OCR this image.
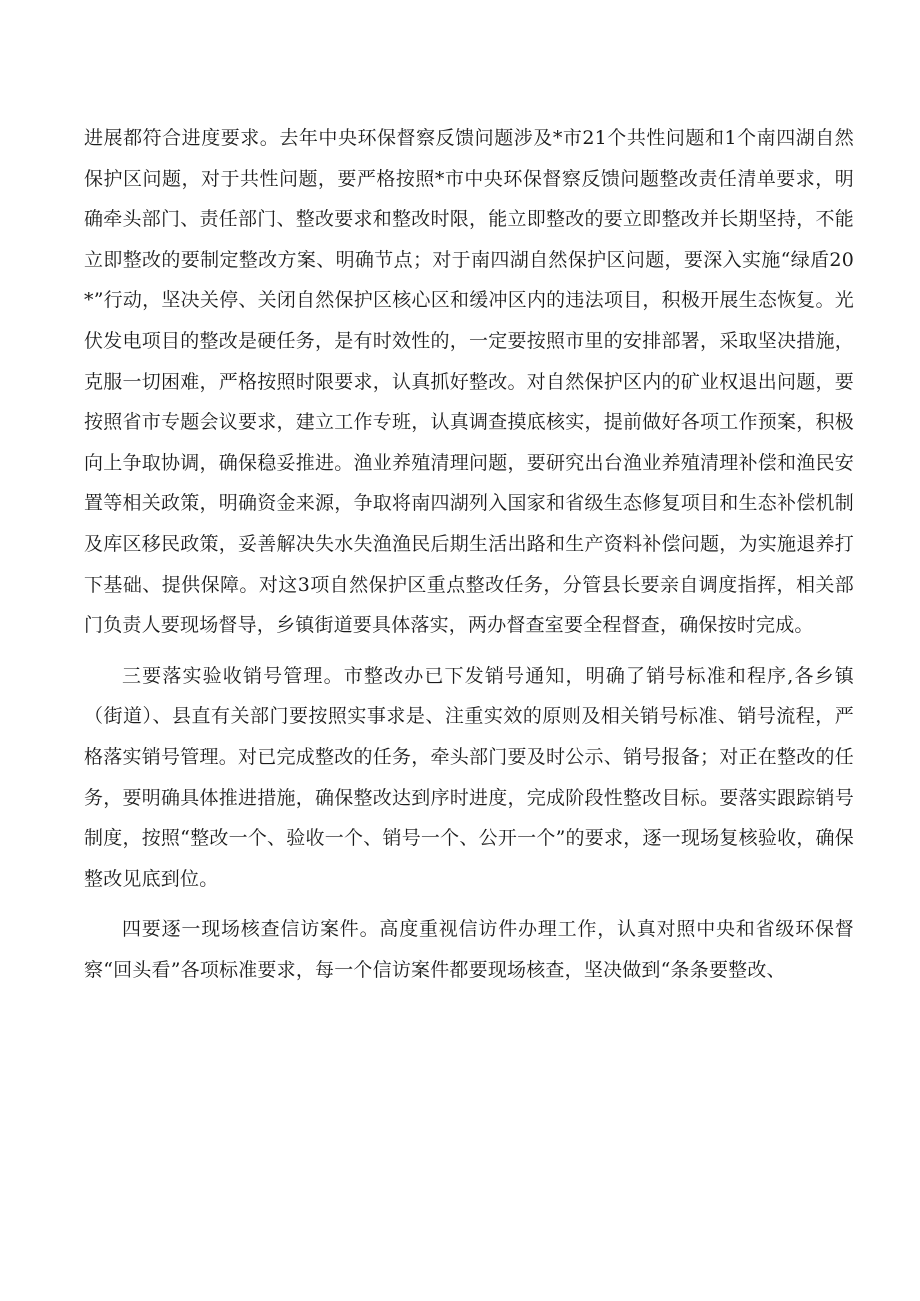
进展都符合进度要求。去年中央环保督察反馈问题涉及*市21个共性问题和1个南四湖自然保护区问题，对于共性问题，要严格按照*市中央环保督察反馈问题整改责任清单要求，明确牵头部门、责任部门、整改要求和整改时限，能立即整改的要立即整改并长期坚持，不能立即整改的要制定整改方案、明确节点；对于南四湖自然保护区问题，要深入实施“绿盾20*”行动，坚决关停、关闭自然保护区核心区和缓冲区内的违法项目，积极开展生态恢复。光伏发电项目的整改是硬任务，是有时效性的，一定要按照市里的安排部署，采取坚决措施，克服一切困难，严格按照时限要求，认真抓好整改。对自然保护区内的矿业权退出问题，要按照省市专题会议要求，建立工作专班，认真调查摸底核实，提前做好各项工作预案，积极向上争取协调，确保稳妥推进。渔业养殖清理问题，要研究出台渔业养殖清理补偿和渔民安置等相关政策，明确资金来源，争取将南四湖列入国家和省级生态修复项目和生态补偿机制及库区移民政策，妥善解决失水失渔渔民后期生活出路和生产资料补偿问题，为实施退养打下基础、提供保障。对这3项自然保护区重点整改任务，分管县长要亲自调度指挥，相关部门负责人要现场督导，乡镇街道要具体落实，两办督查室要全程督查，确保按时完成。

三要落实验收销号管理。市整改办已下发销号通知，明确了销号标准和程序,各乡镇（街道）、县直有关部门要按照实事求是、注重实效的原则及相关销号标准、销号流程，严格落实销号管理。对已完成整改的任务，牵头部门要及时公示、销号报备；对正在整改的任务，要明确具体推进措施，确保整改达到序时进度，完成阶段性整改目标。要落实跟踪销号制度，按照“整改一个、验收一个、销号一个、公开一个”的要求，逐一现场复核验收，确保整改见底到位。

四要逐一现场核查信访案件。高度重视信访件办理工作，认真对照中央和省级环保督察“回头看”各项标准要求，每一个信访案件都要现场核查，坚决做到“条条要整改、
